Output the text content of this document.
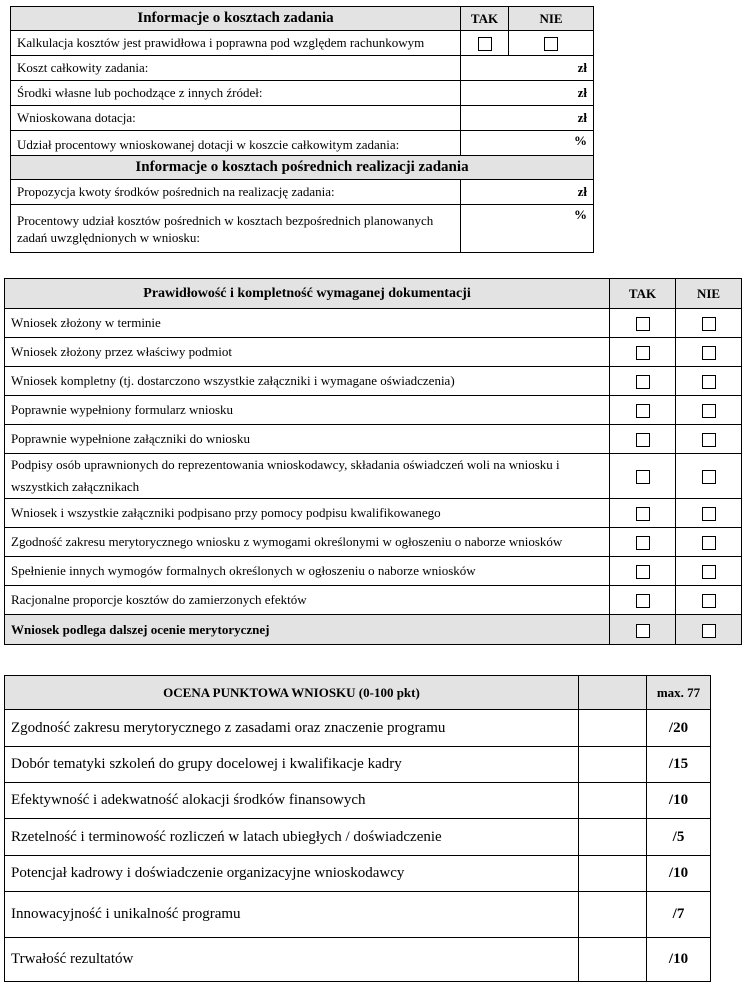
Informacje o kosztach zadania	TAK	NIE
Kalkulacja kosztów jest prawidłowa i poprawna pod względem rachunkowym		
Koszt całkowity zadania:	zł	
Środki własne lub pochodzące z innych źródeł:	zł	
Wnioskowana dotacja:	zł	
Udział procentowy wnioskowanej dotacji w koszcie całkowitym zadania:	%	
Informacje o kosztach pośrednich realizacji zadania		
Propozycja kwoty środków pośrednich na realizację zadania:	zł	
Procentowy udział kosztów pośrednich w kosztach bezpośrednich planowanych zadań uwzględnionych w wniosku:	%	
Prawidłowość i kompletność wymaganej dokumentacji	TAK	NIE
Wniosek złożony w terminie		
Wniosek złożony przez właściwy podmiot		
Wniosek kompletny (tj. dostarczono wszystkie załączniki i wymagane oświadczenia)		
Poprawnie wypełniony formularz wniosku		
Poprawnie wypełnione załączniki do wniosku		
Podpisy osób uprawnionych do reprezentowania wnioskodawcy, składania oświadczeń woli na wniosku i wszystkich załącznikach		
Wniosek i wszystkie załączniki podpisano przy pomocy podpisu kwalifikowanego		
Zgodność zakresu merytorycznego wniosku z wymogami określonymi w ogłoszeniu o naborze wniosków		
Spełnienie innych wymogów formalnych określonych w ogłoszeniu o naborze wniosków		
Racjonalne proporcje kosztów do zamierzonych efektów		
Wniosek podlega dalszej ocenie merytorycznej		
OCENA PUNKTOWA WNIOSKU (0-100 pkt)		max. 77
Zgodność zakresu merytorycznego z zasadami oraz znaczenie programu		/20
Dobór tematyki szkoleń do grupy docelowej i kwalifikacje kadry		/15
Efektywność i adekwatność alokacji środków finansowych		/10
Rzetelność i terminowość rozliczeń w latach ubiegłych / doświadczenie		/5
Potencjał kadrowy i doświadczenie organizacyjne wnioskodawcy		/10
Innowacyjność i unikalność programu		/7
Trwałość rezultatów		/10
